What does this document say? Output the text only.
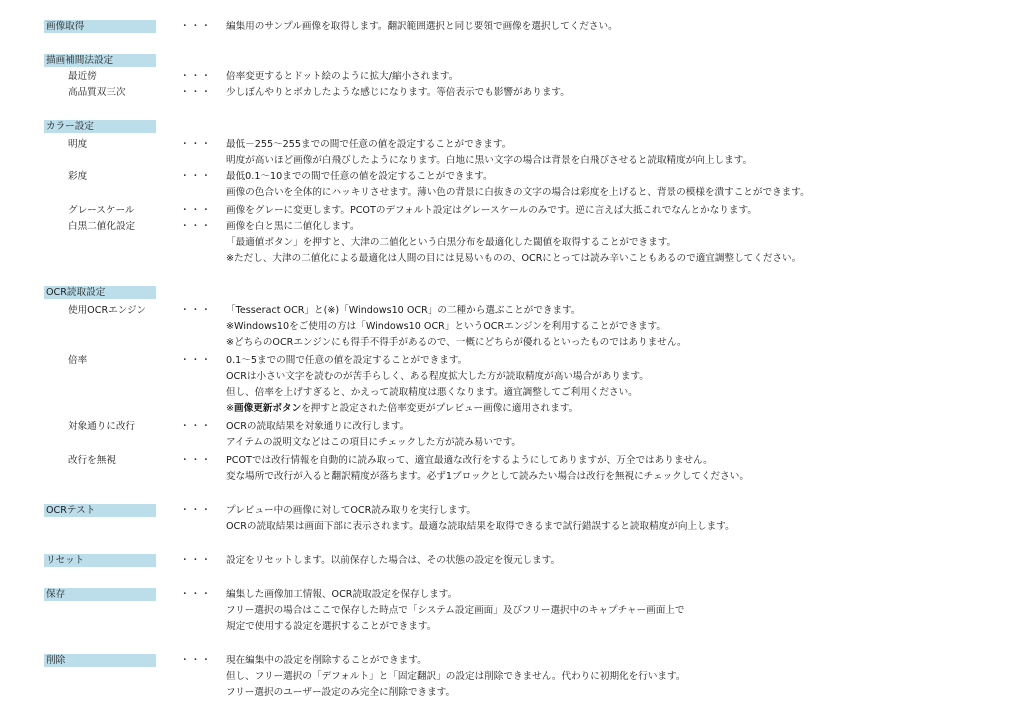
画像取得	・・・ 編集用のサンプル画像を取得します。翻訳範囲選択と同じ要領で画像を選択してください。
描画補間法設定
最近傍	・・・ 倍率変更するとドット絵のように拡大/縮小されます。
高品質双三次	・・・ 少しぼんやりとボカしたような感じになります。等倍表示でも影響があります。
カラー設定
明度	・・・ 最低－255～255までの間で任意の値を設定することができます。
明度が高いほど画像が白飛びしたようになります。白地に黒い文字の場合は背景を白飛びさせると読取精度が向上します。
彩度	・・・ 最低0.1～10までの間で任意の値を設定することができます。
画像の色合いを全体的にハッキリさせます。薄い色の背景に白抜きの文字の場合は彩度を上げると、背景の模様を潰すことができます。
グレースケール	・・・ 画像をグレーに変更します。PCOTのデフォルト設定はグレースケールのみです。逆に言えば大抵これでなんとかなります。
白黒二値化設定	・・・ 画像を白と黒に二値化します。
「最適値ボタン」を押すと、大津の二値化という白黒分布を最適化した閾値を取得することができます。
※ただし、大津の二値化による最適化は人間の目には見易いものの、OCRにとっては読み辛いこともあるので適宜調整してください。
OCR読取設定
使用OCRエンジン	・・・ 「Tesseract OCR」と(※)「Windows10 OCR」の二種から選ぶことができます。
※Windows10をご使用の方は「Windows10 OCR」というOCRエンジンを利用することができます。
※どちらのOCRエンジンにも得手不得手があるので、一概にどちらが優れるといったものではありません。
倍率	・・・ 0.1～5までの間で任意の値を設定することができます。
OCRは小さい文字を読むのが苦手らしく、ある程度拡大した方が読取精度が高い場合があります。
但し、倍率を上げすぎると、かえって読取精度は悪くなります。適宜調整してご利用ください。
※画像更新ボタンを押すと設定された倍率変更がプレビュー画像に適用されます。
対象通りに改行	・・・ OCRの読取結果を対象通りに改行します。
アイテムの説明文などはこの項目にチェックした方が読み易いです。
改行を無視	・・・ PCOTでは改行情報を自動的に読み取って、適宜最適な改行をするようにしてありますが、万全ではありません。
変な場所で改行が入ると翻訳精度が落ちます。必ず1ブロックとして読みたい場合は改行を無視にチェックしてください。
OCRテスト	・・・ プレビュー中の画像に対してOCR読み取りを実行します。
OCRの読取結果は画面下部に表示されます。最適な読取結果を取得できるまで試行錯誤すると読取精度が向上します。
リセット	・・・ 設定をリセットします。以前保存した場合は、その状態の設定を復元します。
保存	・・・ 編集した画像加工情報、OCR読取設定を保存します。
フリー選択の場合はここで保存した時点で「システム設定画面」及びフリー選択中のキャプチャー画面上で
規定で使用する設定を選択することができます。
削除	・・・ 現在編集中の設定を削除することができます。
但し、フリー選択の「デフォルト」と「固定翻訳」の設定は削除できません。代わりに初期化を行います。
フリー選択のユーザー設定のみ完全に削除できます。
